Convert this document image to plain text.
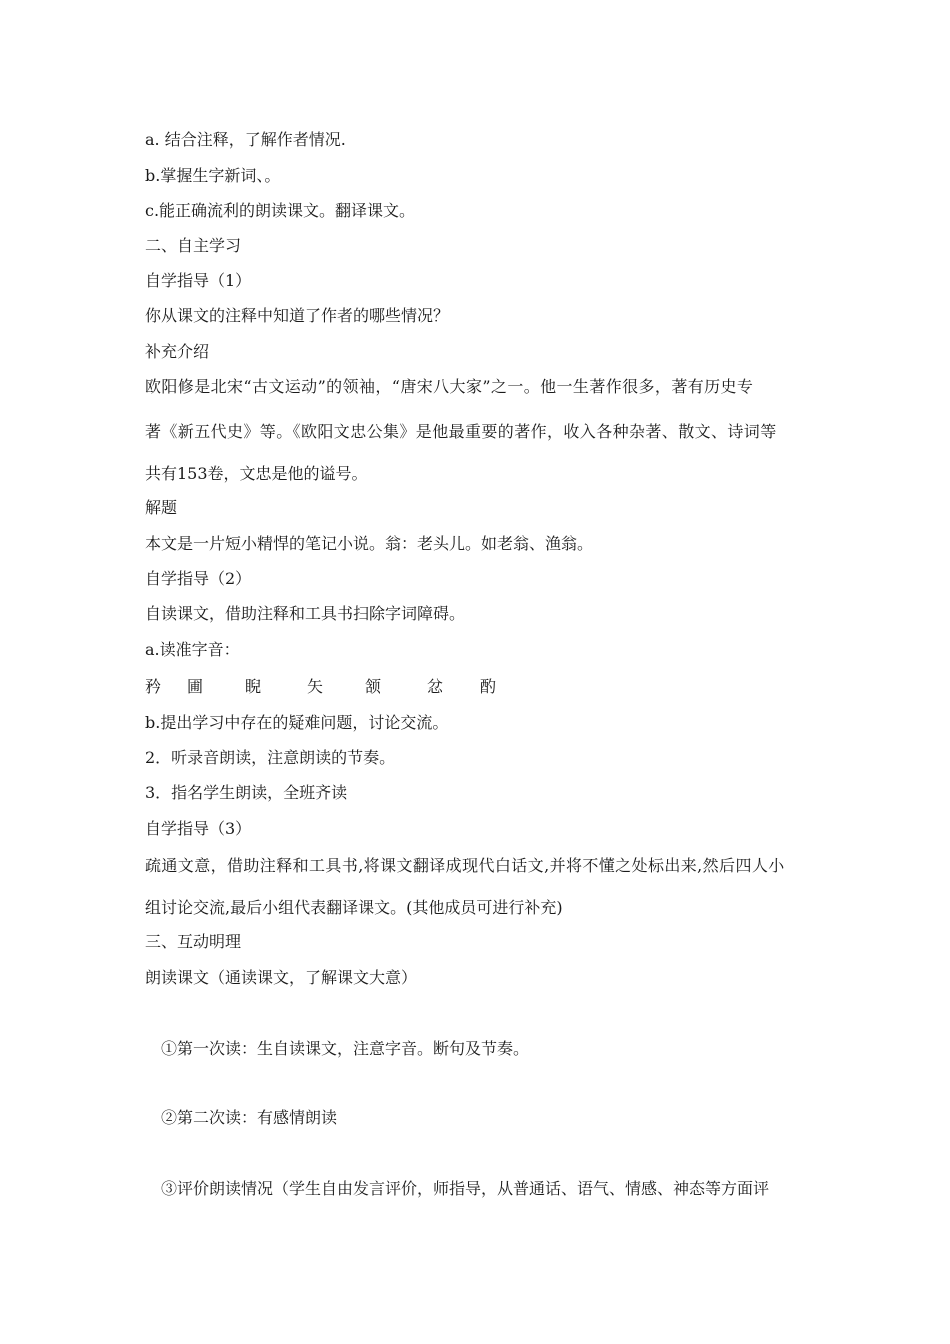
a. 结合注释，了解作者情况.
b.掌握生字新词、。
c.能正确流利的朗读课文。翻译课文。
二、自主学习
自学指导（1）
你从课文的注释中知道了作者的哪些情况？
补充介绍
欧阳修是北宋“古文运动”的领袖，“唐宋八大家”之一。他一生著作很多，著有历史专
著《新五代史》等。《欧阳文忠公集》是他最重要的著作，收入各种杂著、散文、诗词等
共有153卷，文忠是他的谥号。
解题
本文是一片短小精悍的笔记小说。翁：老头儿。如老翁、渔翁。
自学指导（2）
自读课文，借助注释和工具书扫除字词障碍。
a.读准字音：
矜 圃	睨	矢	颔	忿 酌
b.提出学习中存在的疑难问题，讨论交流。
2．听录音朗读，注意朗读的节奏。
3．指名学生朗读，全班齐读
自学指导（3）
疏通文意，借助注释和工具书,将课文翻译成现代白话文,并将不懂之处标出来,然后四人小
组讨论交流,最后小组代表翻译课文。(其他成员可进行补充)
三、互动明理
朗读课文（通读课文，了解课文大意）
①第一次读：生自读课文，注意字音。断句及节奏。
②第二次读：有感情朗读
③评价朗读情况（学生自由发言评价，师指导，从普通话、语气、情感、神态等方面评
